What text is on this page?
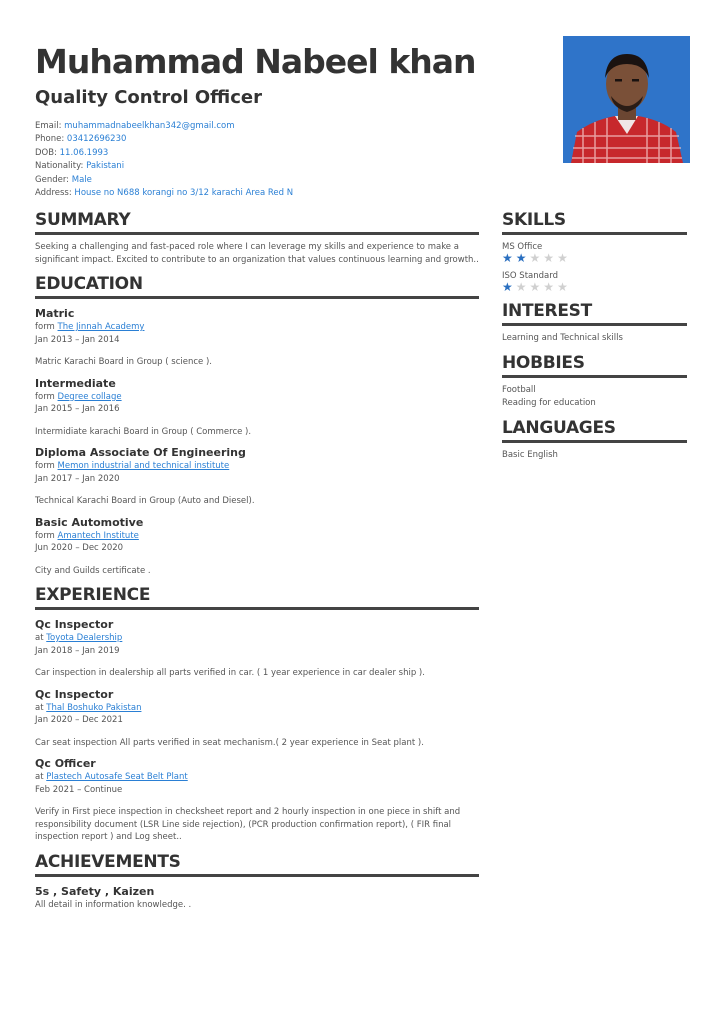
Muhammad Nabeel khan
Quality Control Officer
Email: muhammadnabeelkhan342@gmail.com
Phone: 03412696230
DOB: 11.06.1993
Nationality: Pakistani
Gender: Male
Address: House no N688 korangi no 3/12 karachi Area Red N
SUMMARY

Seeking a challenging and fast-paced role where I can leverage my skills and experience to make a significant impact. Excited to contribute to an organization that values continuous learning and growth..

EDUCATION
Matric
form The Jinnah Academy
Jan 2013 – Jan 2014
Matric Karachi Board in Group ( science ).
Intermediate
form Degree collage
Jan 2015 – Jan 2016
Intermidiate karachi Board in Group ( Commerce ).
Diploma Associate Of Engineering
form Memon industrial and technical institute
Jan 2017 – Jan 2020
Technical Karachi Board in Group (Auto and Diesel).
Basic Automotive
form Amantech Institute
Jun 2020 – Dec 2020
City and Guilds certificate .
EXPERIENCE
Qc Inspector
at Toyota Dealership
Jan 2018 – Jan 2019
Car inspection in dealership all parts verified in car. ( 1 year experience in car dealer ship ).
Qc Inspector
at Thal Boshuko Pakistan
Jan 2020 – Dec 2021
Car seat inspection All parts verified in seat mechanism.( 2 year experience in Seat plant ).
Qc Officer
at Plastech Autosafe Seat Belt Plant
Feb 2021 – Continue
Verify in First piece inspection in checksheet report and 2 hourly inspection in one piece in shift and responsibility document (LSR Line side rejection), (PCR production confirmation report), ( FIR final inspection report ) and Log sheet..
ACHIEVEMENTS
5s , Safety , Kaizen
All detail in information knowledge. .
SKILLS
MS Office
★★★★★
ISO Standard
★★★★★
INTEREST
Learning and Technical skills
HOBBIES
Football
Reading for education
LANGUAGES
Basic English
